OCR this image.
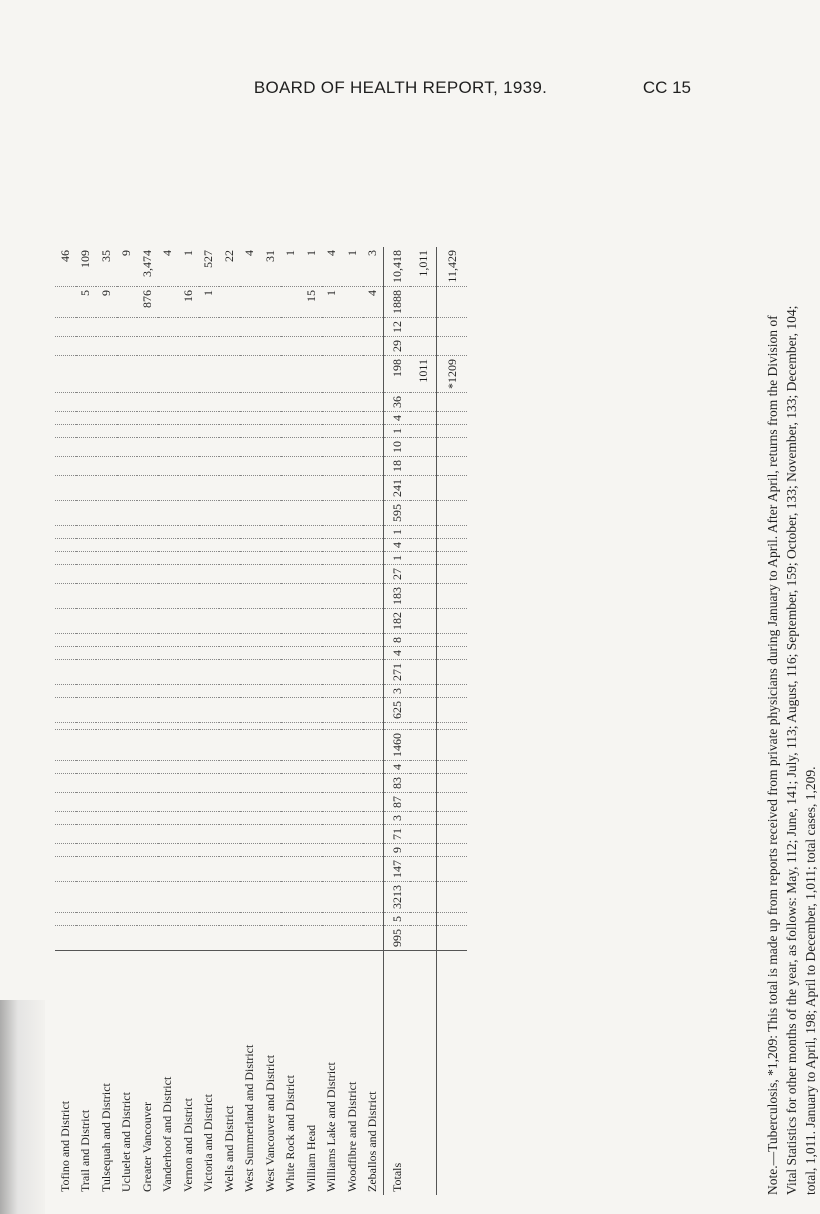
BOARD OF HEALTH REPORT, 1939.	CC 15
Tofino and District																																			46
Trail and District																																		5	109
Tulsequah and District																																		9	35
Ucluelet and District																																			9
Greater Vancouver																																		876	3,474
Vanderhoof and District																																			4
Vernon and District																																		16	1
Victoria and District																																		1	527
Wells and District																																			22
West Summerland and District																																			4
West Vancouver and District																																			31
White Rock and District																																			1
William Head																																		15	1
Williams Lake and District																																		1	4
Woodfibre and District																																			1
Zeballos and District																																		4	3
Totals	995	5	3213	147	9	71	3	87	83	4	1460		625	3	271	4	8	182	183	27	1	4	1	595	241	18	10	1	4	36	198	29	12	1888	10,418
																															1011				1,011
																															*1209				11,429
Note.—Tuberculosis, *1,209: This total is made up from reports received from private physicians during January to April. After April, returns from the Division of Vital Statistics for other months of the year, as follows: May, 112; June, 141; July, 113; August, 116; September, 159; October, 133; November, 133; December, 104; total, 1,011. January to April, 198; April to December, 1,011; total cases, 1,209.
